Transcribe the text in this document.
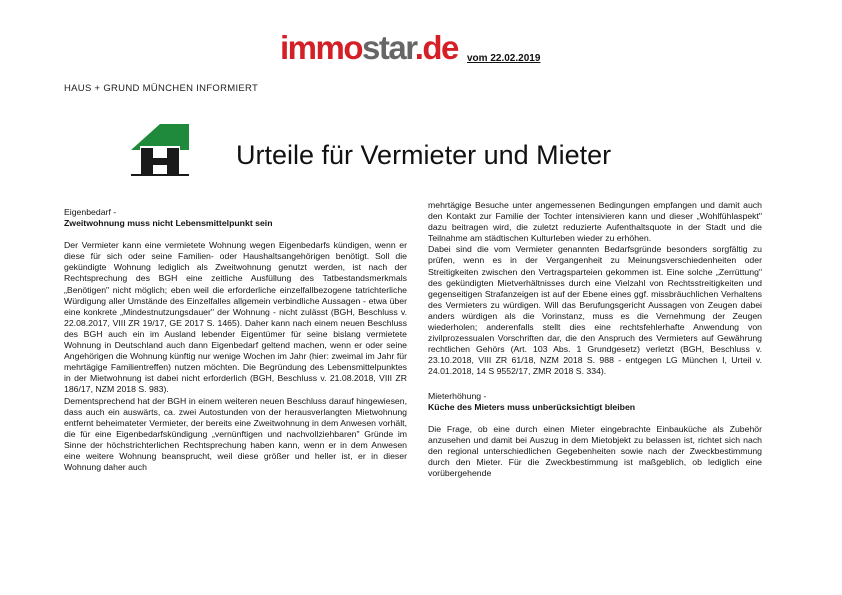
immostar.de vom 22.02.2019
HAUS + GRUND MÜNCHEN INFORMIERT
Urteile für Vermieter und Mieter

Eigenbedarf -

Zweitwohnung muss nicht Lebensmittelpunkt sein

Der Vermieter kann eine vermietete Wohnung wegen Eigenbedarfs kündigen, wenn er diese für sich oder seine Familien- oder Haushaltsangehörigen benötigt. Soll die gekündigte Wohnung lediglich als Zweitwohnung genutzt werden, ist nach der Rechtsprechung des BGH eine zeitliche Ausfüllung des Tatbestandsmerkmals „Benötigen" nicht möglich; eben weil die erforderliche einzelfallbezogene tatrichterliche Würdigung aller Umstände des Einzelfalles allgemein verbindliche Aussagen - etwa über eine konkrete „Mindestnutzungsdauer" der Wohnung - nicht zulässt (BGH, Beschluss v. 22.08.2017, VIII ZR 19/17, GE 2017 S. 1465). Daher kann nach einem neuen Beschluss des BGH auch ein im Ausland lebender Eigentümer für seine bislang vermietete Wohnung in Deutschland auch dann Eigenbedarf geltend machen, wenn er oder seine Angehörigen die Wohnung künftig nur wenige Wochen im Jahr (hier: zweimal im Jahr für mehrtägige Familientreffen) nutzen möchten. Die Begründung des Lebensmittelpunktes in der Mietwohnung ist dabei nicht erforderlich (BGH, Beschluss v. 21.08.2018, VIII ZR 186/17, NZM 2018 S. 983).

Dementsprechend hat der BGH in einem weiteren neuen Beschluss darauf hingewiesen, dass auch ein auswärts, ca. zwei Autostunden von der herausverlangten Mietwohnung entfernt beheimateter Vermieter, der bereits eine Zweitwohnung in dem Anwesen vorhält, die für eine Eigenbedarfskündigung „vernünftigen und nachvollziehbaren" Gründe im Sinne der höchstrichterlichen Rechtsprechung haben kann, wenn er in dem Anwesen eine weitere Wohnung beansprucht, weil diese größer und heller ist, er in dieser Wohnung daher auch

mehrtägige Besuche unter angemessenen Bedingungen empfangen und damit auch den Kontakt zur Familie der Tochter intensivieren kann und dieser „Wohlfühlaspekt" dazu beitragen wird, die zuletzt reduzierte Aufenthaltsquote in der Stadt und die Teilnahme am städtischen Kulturleben wieder zu erhöhen.

Dabei sind die vom Vermieter genannten Bedarfsgründe besonders sorgfältig zu prüfen, wenn es in der Vergangenheit zu Meinungsverschiedenheiten oder Streitigkeiten zwischen den Vertragsparteien gekommen ist. Eine solche „Zerrüttung" des gekündigten Mietverhältnisses durch eine Vielzahl von Rechtsstreitigkeiten und gegenseitigen Strafanzeigen ist auf der Ebene eines ggf. missbräuchlichen Verhaltens des Vermieters zu würdigen. Will das Berufungsgericht Aussagen von Zeugen dabei anders würdigen als die Vorinstanz, muss es die Vernehmung der Zeugen wiederholen; anderenfalls stellt dies eine rechtsfehlerhafte Anwendung von zivilprozessualen Vorschriften dar, die den Anspruch des Vermieters auf Gewährung rechtlichen Gehörs (Art. 103 Abs. 1 Grundgesetz) verletzt (BGH, Beschluss v. 23.10.2018, VIII ZR 61/18, NZM 2018 S. 988 - entgegen LG München I, Urteil v. 24.01.2018, 14 S 9552/17, ZMR 2018 S. 334).

Mieterhöhung -

Küche des Mieters muss unberücksichtigt bleiben

Die Frage, ob eine durch einen Mieter eingebrachte Einbauküche als Zubehör anzusehen und damit bei Auszug in dem Mietobjekt zu belassen ist, richtet sich nach den regional unterschiedlichen Gegebenheiten sowie nach der Zweckbestimmung durch den Mieter. Für die Zweckbestimmung ist maßgeblich, ob lediglich eine vorübergehende
